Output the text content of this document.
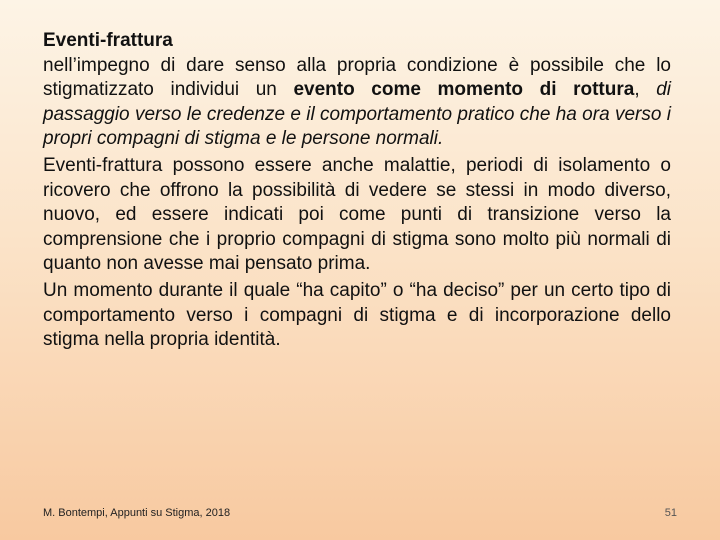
Eventi-frattura

nell’impegno di dare senso alla propria condizione è possibile che lo stigmatizzato individui un evento come momento di rottura, di passaggio verso le credenze e il comportamento pratico che ha ora verso i propri compagni di stigma e le persone normali.

Eventi-frattura possono essere anche malattie, periodi di isolamento o ricovero che offrono la possibilità di vedere se stessi in modo diverso, nuovo, ed essere indicati poi come punti di transizione verso la comprensione che i proprio compagni di stigma sono molto più normali di quanto non avesse mai pensato prima.

Un momento durante il quale “ha capito” o “ha deciso” per un certo tipo di comportamento verso i compagni di stigma e di incorporazione dello stigma nella propria identità.

M. Bontempi, Appunti su Stigma, 2018	51
